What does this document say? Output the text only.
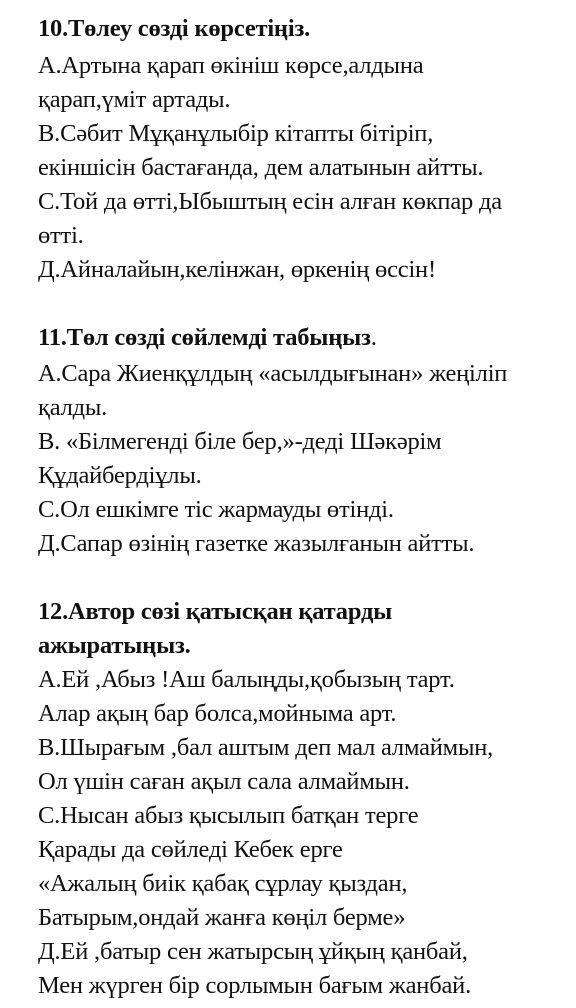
10.Төлеу сөзді көрсетіңіз.
А.Артына қарап өкініш көрсе,алдына
қарап,үміт артады.
В.Сәбит Мұқанұлыбір кітапты бітіріп,
екіншісін бастағанда, дем алатынын айтты.
С.Той да өтті,Ыбыштың есін алған көкпар да
өтті.
Д.Айналайын,келінжан, өркенің өссін!
11.Төл сөзді сөйлемді табыңыз.
А.Сара Жиенқұлдың «асылдығынан» жеңіліп
қалды.
В. «Білмегенді біле бер,»-деді Шәкәрім
Құдайбердіұлы.
С.Ол ешкімге тіс жармауды өтінді.
Д.Сапар өзінің газетке жазылғанын айтты.
12.Автор сөзі қатысқан қатарды
ажыратыңыз.
А.Ей ,Абыз !Аш балыңды,қобызың тарт.
Алар ақың бар болса,мойныма арт.
В.Шырағым ,бал аштым деп мал алмаймын,
Ол үшін саған ақыл сала алмаймын.
С.Нысан абыз қысылып батқан терге
Қарады да сөйледі Кебек ерге
«Ажалың биік қабақ сұрлау қыздан,
Батырым,ондай жанға көңіл берме»
Д.Ей ,батыр сен жатырсың ұйқың қанбай,
Мен жүрген бір сорлымын бағым жанбай.
